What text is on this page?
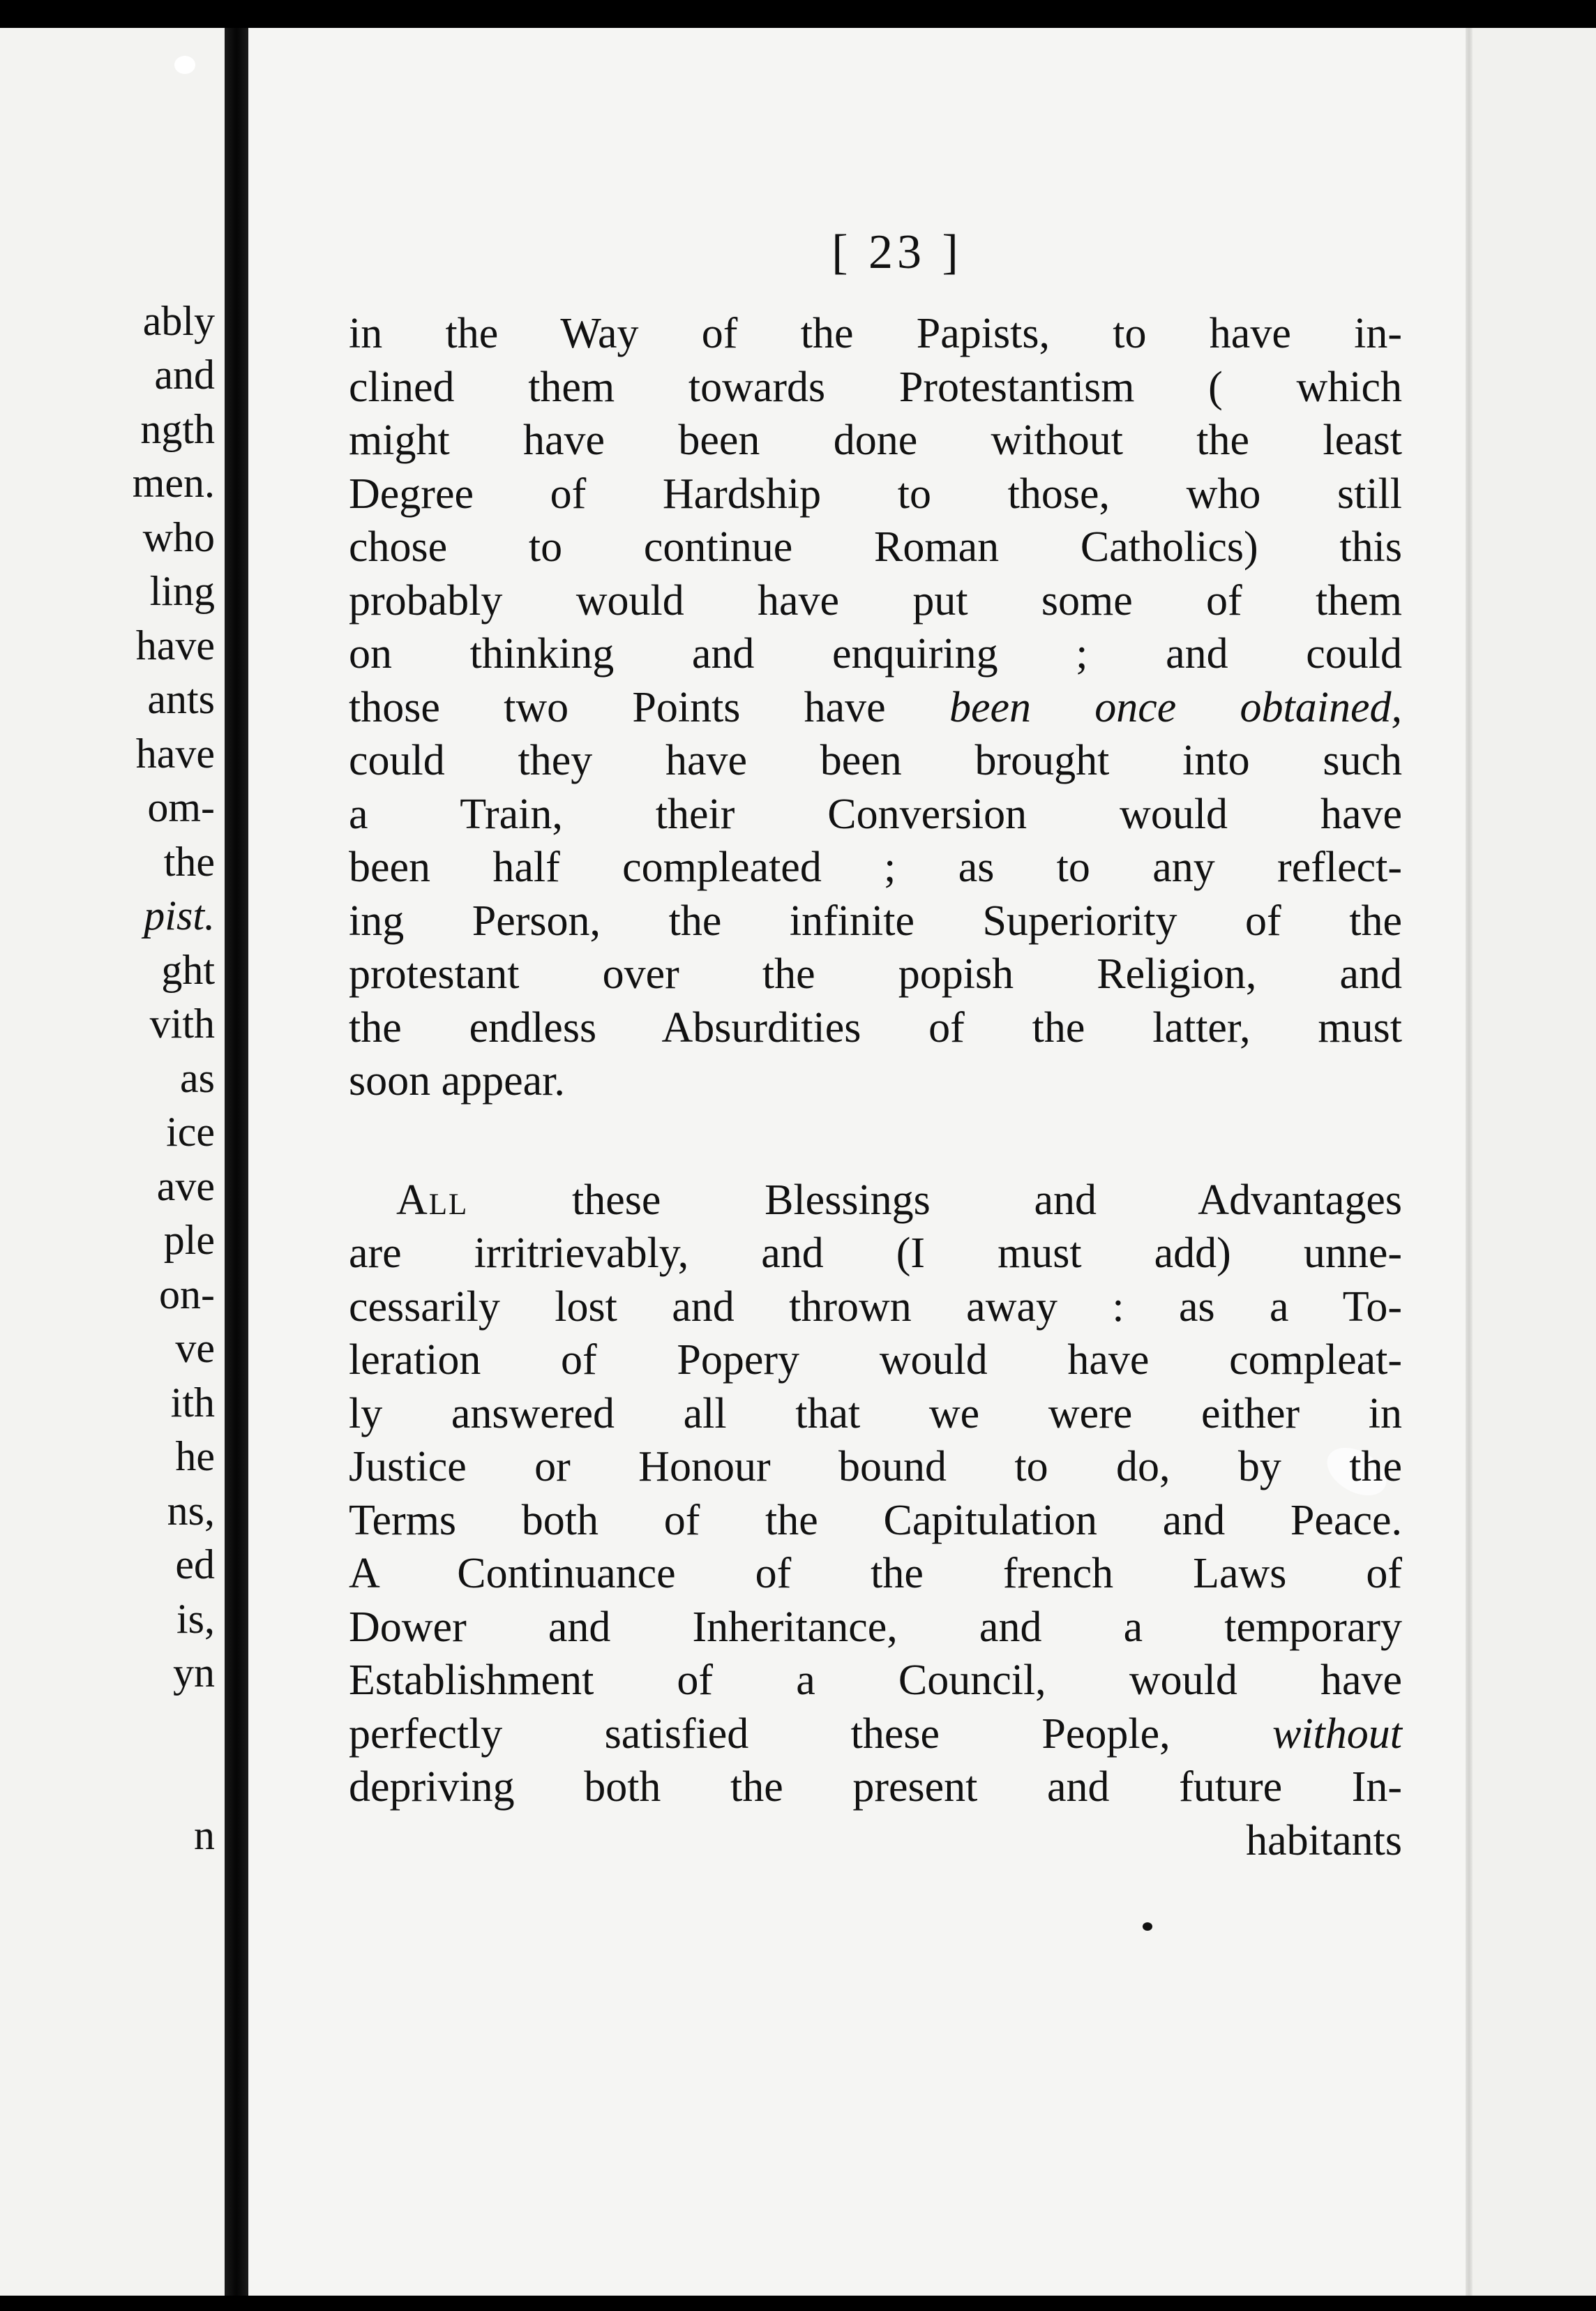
ably
and
ngth
men.
who
ling
have
ants
have
om-
the
pist.
ght
vith
as
ice
ave
ple
on-
ve
ith
he
ns,
ed
is,
yn
n
[ 23 ]
in the Way of the Papists, to have in-
clined them towards Protestantism ( which
might have been done without the least
Degree of Hardship to those, who still
chose to continue Roman Catholics) this
probably would have put some of them
on thinking and enquiring ; and could
those two Points have been once obtained,
could they have been brought into such
a Train, their Conversion would have
been half compleated ; as to any reflect-
ing Person, the infinite Superiority of the
protestant over the popish Religion, and
the endless Absurdities of the latter, must
soon appear.
All these Blessings and Advantages
are irritrievably, and (I must add) unne-
cessarily lost and thrown away : as a To-
leration of Popery would have compleat-
ly answered all that we were either in
Justice or Honour bound to do, by the
Terms both of the Capitulation and Peace.
A Continuance of the french Laws of
Dower and Inheritance, and a temporary
Establishment of a Council, would have
perfectly satisfied these People, without
depriving both the present and future In-
habitants
